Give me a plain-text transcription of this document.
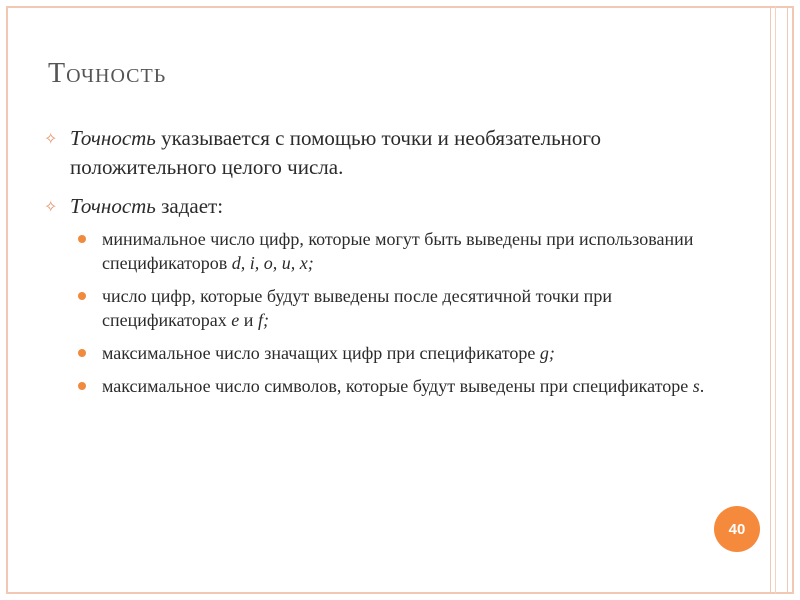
Точность
✧ Точность указывается с помощью точки и необязательного положительного целого числа.
✧ Точность задает:
минимальное число цифр, которые могут быть выведены при использовании спецификаторов d, i, o, u, x;
число цифр, которые будут выведены после десятичной точки при спецификаторах e и f;
максимальное число значащих цифр при спецификаторе g;
максимальное число символов, которые будут выведены при спецификаторе s.
40
